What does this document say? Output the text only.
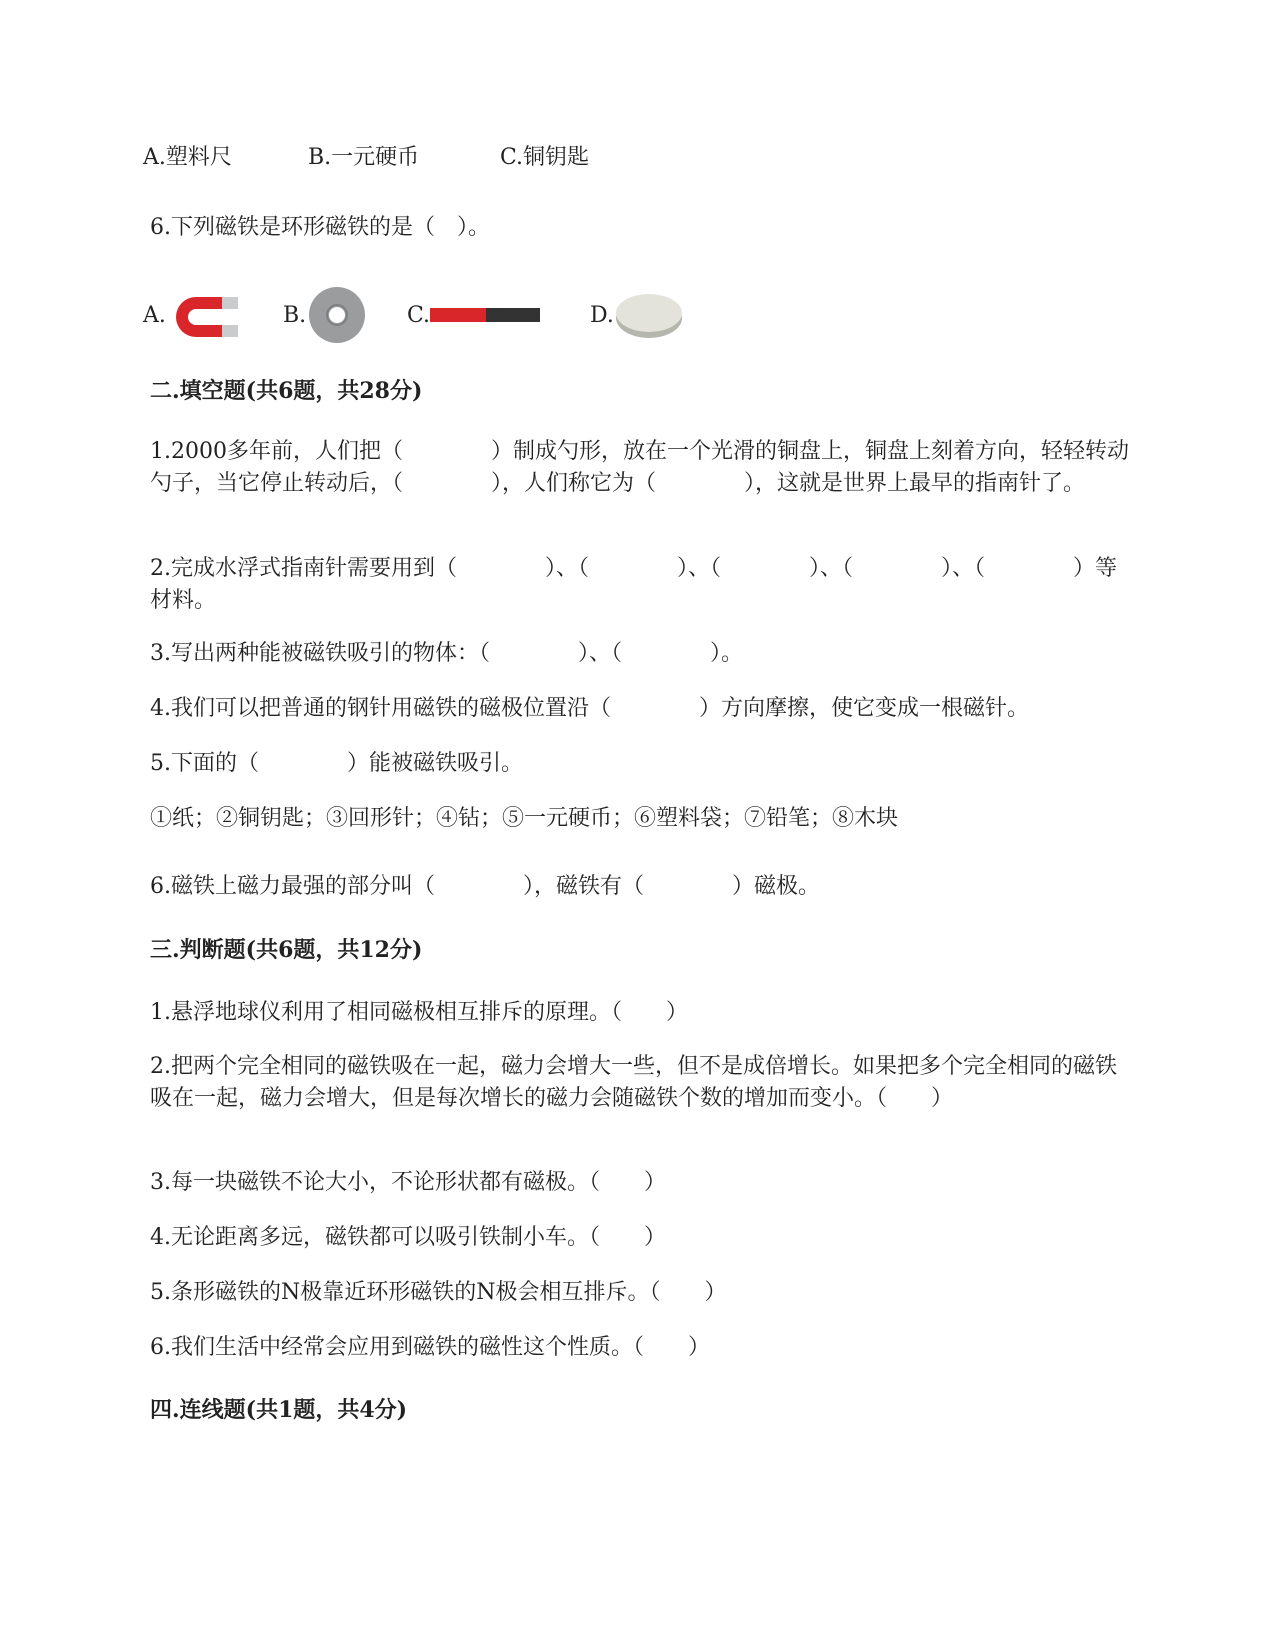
A.塑料尺	B.一元硬币	C.铜钥匙
6.下列磁铁是环形磁铁的是（　）。
A.	B.	C.	D.
二.填空题(共6题，共28分)
1.2000多年前，人们把（　　　　）制成勺形，放在一个光滑的铜盘上，铜盘上刻着方向，轻轻转动勺子，当它停止转动后，（　　　　），人们称它为（　　　　），这就是世界上最早的指南针了。
2.完成水浮式指南针需要用到（　　　　）、（　　　　）、（　　　　）、（　　　　）、（　　　　）等材料。
3.写出两种能被磁铁吸引的物体：（　　　　）、（　　　　）。
4.我们可以把普通的钢针用磁铁的磁极位置沿（　　　　）方向摩擦，使它变成一根磁针。
5.下面的（　　　　）能被磁铁吸引。
①纸；②铜钥匙；③回形针；④钻；⑤一元硬币；⑥塑料袋；⑦铅笔；⑧木块
6.磁铁上磁力最强的部分叫（　　　　），磁铁有（　　　　）磁极。
三.判断题(共6题，共12分)
1.悬浮地球仪利用了相同磁极相互排斥的原理。（　　）
2.把两个完全相同的磁铁吸在一起，磁力会增大一些，但不是成倍增长。如果把多个完全相同的磁铁吸在一起，磁力会增大，但是每次增长的磁力会随磁铁个数的增加而变小。（　　）
3.每一块磁铁不论大小，不论形状都有磁极。（　　）
4.无论距离多远，磁铁都可以吸引铁制小车。（　　）
5.条形磁铁的N极靠近环形磁铁的N极会相互排斥。（　　）
6.我们生活中经常会应用到磁铁的磁性这个性质。（　　）
四.连线题(共1题，共4分)
